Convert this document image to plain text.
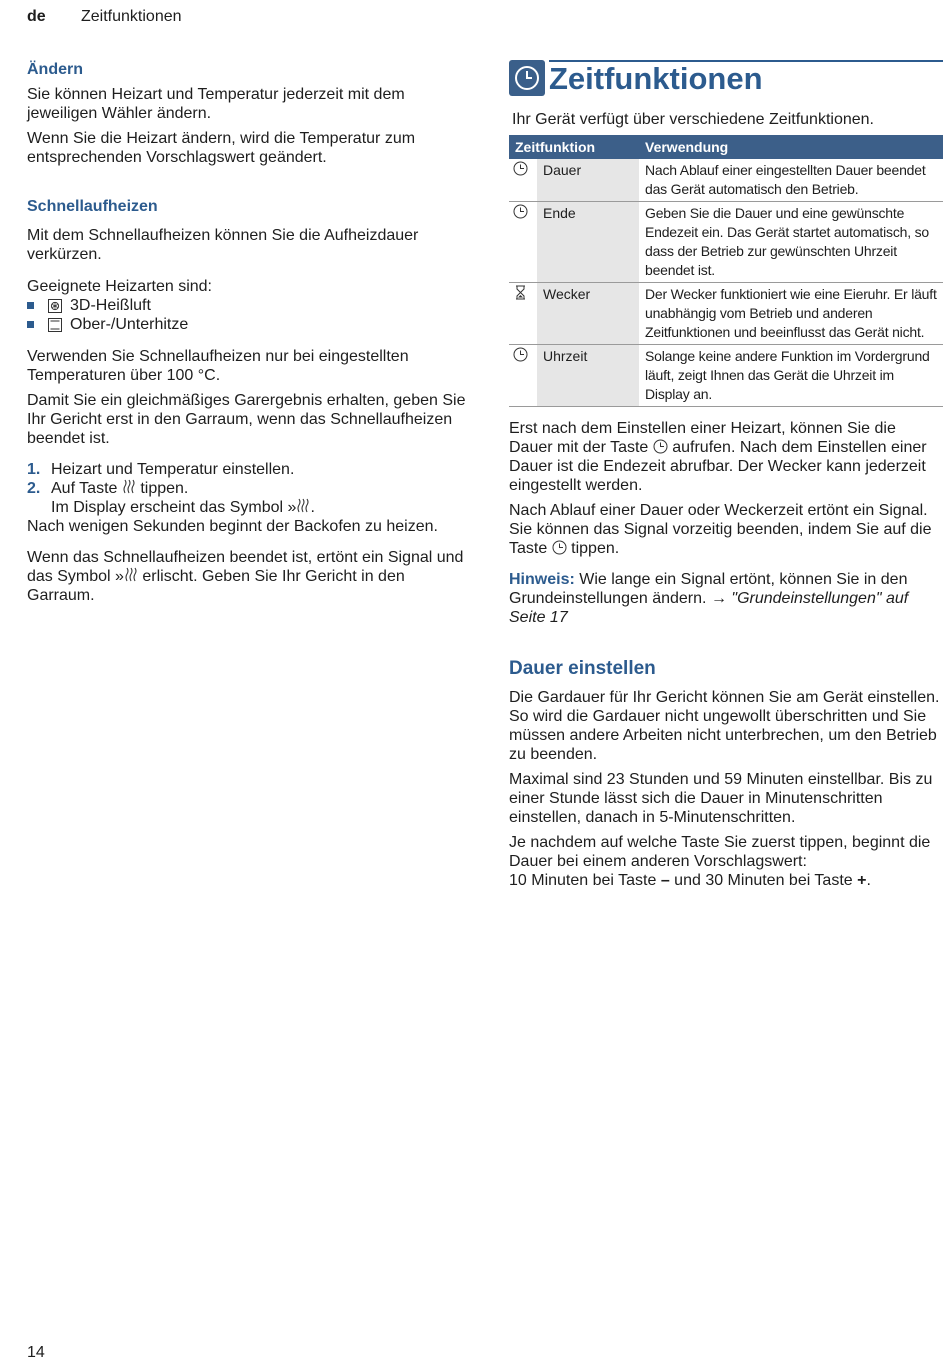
de Zeitfunktionen
Ändern

Sie können Heizart und Temperatur jederzeit mit dem jeweiligen Wähler ändern.

Wenn Sie die Heizart ändern, wird die Temperatur zum entsprechenden Vorschlagswert geändert.

Schnellaufheizen

Mit dem Schnellaufheizen können Sie die Aufheizdauer verkürzen.

Geeignete Heizarten sind:
3D-Heißluft
Ober-/Unterhitze

Verwenden Sie Schnellaufheizen nur bei eingestellten Temperaturen über 100 °C.

Damit Sie ein gleichmäßiges Garergebnis erhalten, geben Sie Ihr Gericht erst in den Garraum, wenn das Schnellaufheizen beendet ist.

1. Heizart und Temperatur einstellen.
2. Auf Taste tippen.
Im Display erscheint das Symbol » .

Nach wenigen Sekunden beginnt der Backofen zu heizen.

Wenn das Schnellaufheizen beendet ist, ertönt ein Signal und das Symbol » erlischt. Geben Sie Ihr Gericht in den Garraum.

Zeitfunktionen

Ihr Gerät verfügt über verschiedene Zeitfunktionen.

Zeitfunktion		Verwendung
	Dauer	Nach Ablauf einer eingestellten Dauer beendet das Gerät automatisch den Betrieb.
	Ende	Geben Sie die Dauer und eine gewünschte Endezeit ein. Das Gerät startet automatisch, so dass der Betrieb zur gewünschten Uhrzeit beendet ist.
	Wecker	Der Wecker funktioniert wie eine Eieruhr. Er läuft unabhängig vom Betrieb und anderen Zeitfunktionen und beeinflusst das Gerät nicht.
	Uhrzeit	Solange keine andere Funktion im Vordergrund läuft, zeigt Ihnen das Gerät die Uhrzeit im Display an.

Erst nach dem Einstellen einer Heizart, können Sie die Dauer mit der Taste aufrufen. Nach dem Einstellen einer Dauer ist die Endezeit abrufbar. Der Wecker kann jederzeit eingestellt werden.

Nach Ablauf einer Dauer oder Weckerzeit ertönt ein Signal. Sie können das Signal vorzeitig beenden, indem Sie auf die Taste tippen.

Hinweis: Wie lange ein Signal ertönt, können Sie in den Grundeinstellungen ändern. → "Grundeinstellungen" auf Seite 17

Dauer einstellen

Die Gardauer für Ihr Gericht können Sie am Gerät einstellen. So wird die Gardauer nicht ungewollt überschritten und Sie müssen andere Arbeiten nicht unterbrechen, um den Betrieb zu beenden.

Maximal sind 23 Stunden und 59 Minuten einstellbar. Bis zu einer Stunde lässt sich die Dauer in Minutenschritten einstellen, danach in 5-Minutenschritten.

Je nachdem auf welche Taste Sie zuerst tippen, beginnt die Dauer bei einem anderen Vorschlagswert:
10 Minuten bei Taste – und 30 Minuten bei Taste +.

14
